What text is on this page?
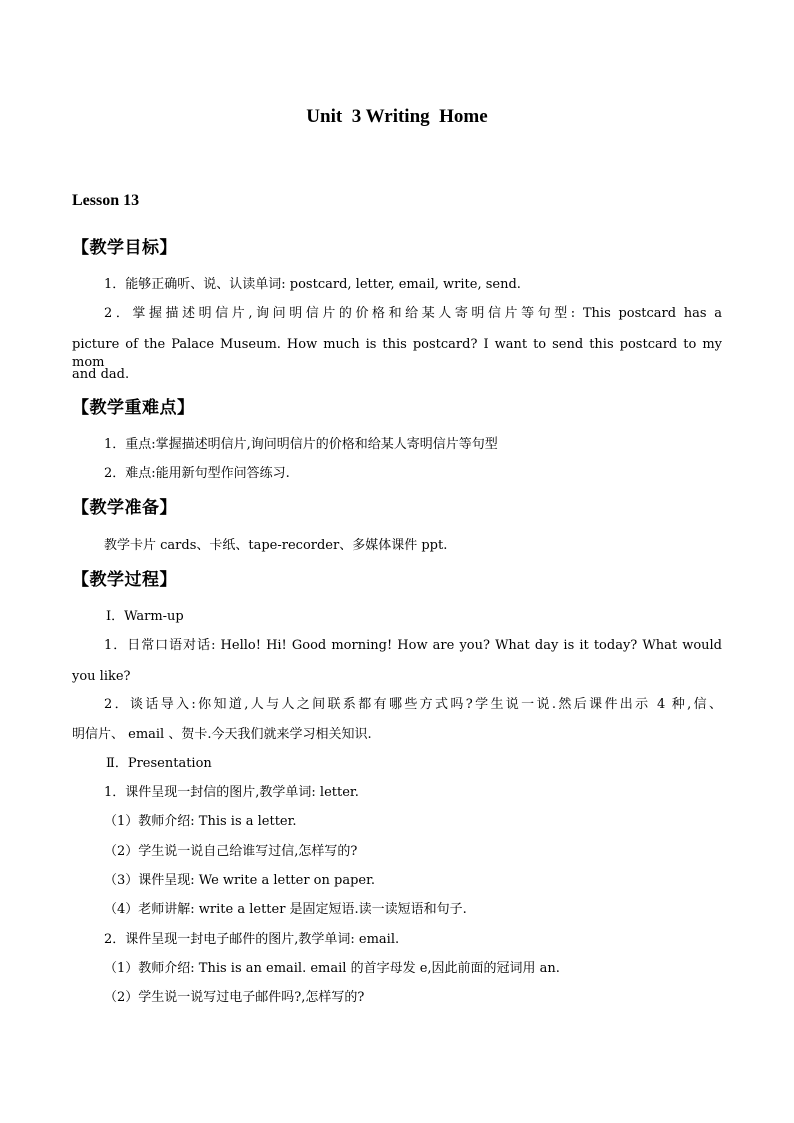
Unit  3 Writing  Home
Lesson 13
【教学目标】
1．能够正确听、说、认读单词: postcard, letter, email, write, send.
2．掌握描述明信片,询问明信片的价格和给某人寄明信片等句型: This postcard has a
picture of the Palace Museum. How much is this postcard? I want to send this postcard to my mom
and dad.
【教学重难点】
1．重点:掌握描述明信片,询问明信片的价格和给某人寄明信片等句型
2．难点:能用新句型作问答练习.
【教学准备】
教学卡片 cards、卡纸、tape-recorder、多媒体课件 ppt.
【教学过程】
Ⅰ．Warm-up
1．日常口语对话: Hello! Hi! Good morning! How are you? What day is it today? What would
you like?
2．谈话导入:你知道,人与人之间联系都有哪些方式吗?学生说一说.然后课件出示 4 种,信、
明信片、 email 、贺卡.今天我们就来学习相关知识.
Ⅱ．Presentation
1．课件呈现一封信的图片,教学单词: letter.
（1）教师介绍: This is a letter.
（2）学生说一说自己给谁写过信,怎样写的?
（3）课件呈现: We write a letter on paper.
（4）老师讲解: write a letter 是固定短语.读一读短语和句子.
2．课件呈现一封电子邮件的图片,教学单词: email.
（1）教师介绍: This is an email. email 的首字母发 e,因此前面的冠词用 an.
（2）学生说一说写过电子邮件吗?,怎样写的?
